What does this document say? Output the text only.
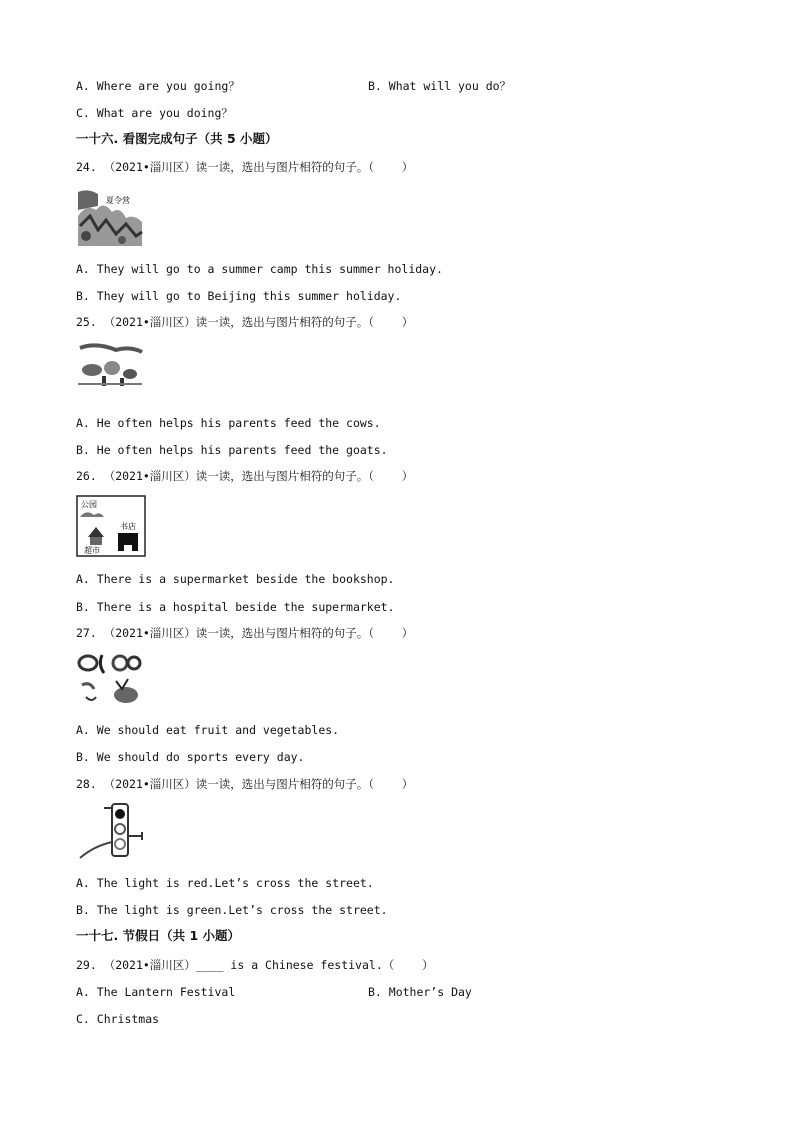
A. Where are you going？	B. What will you do？
C. What are you doing？
一十六. 看图完成句子（共 5 小题）
24. （2021•淄川区）读一读，选出与图片相符的句子。（    ）
夏令营
A. They will go to a summer camp this summer holiday.
B. They will go to Beijing this summer holiday.
25. （2021•淄川区）读一读，选出与图片相符的句子。（    ）
A. He often helps his parents feed the cows.
B. He often helps his parents feed the goats.
26. （2021•淄川区）读一读，选出与图片相符的句子。（    ）
公园
书店
超市
A. There is a supermarket beside the bookshop.
B. There is a hospital beside the supermarket.
27. （2021•淄川区）读一读，选出与图片相符的句子。（    ）
A. We should eat fruit and vegetables.
B. We should do sports every day.
28. （2021•淄川区）读一读，选出与图片相符的句子。（    ）
A. The light is red.Let’s cross the street.
B. The light is green.Let’s cross the street.
一十七. 节假日（共 1 小题）
29. （2021•淄川区）____ is a Chinese festival.（    ）
A. The Lantern Festival	B. Mother’s Day
C. Christmas
